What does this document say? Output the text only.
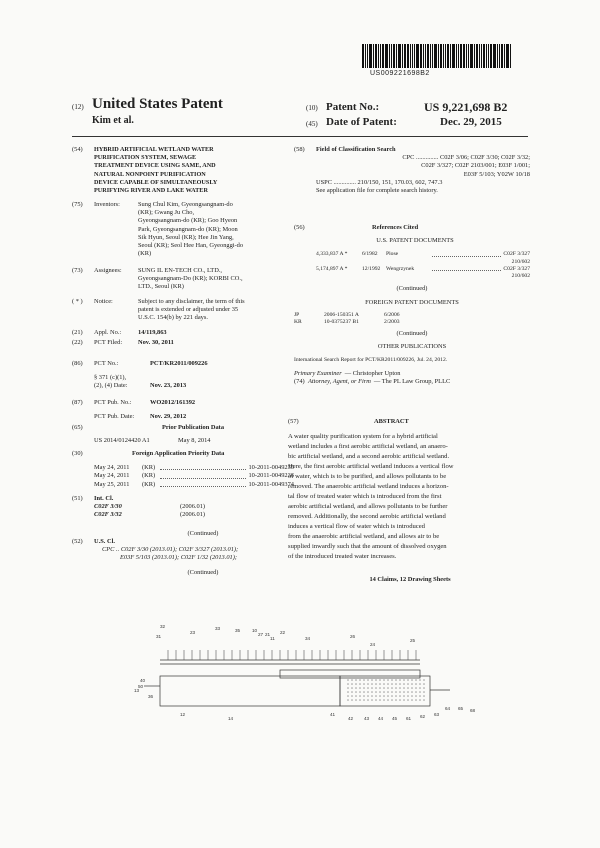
US009221698B2
(12) United States Patent
Kim et al.
(10) Patent No.:	US 9,221,698 B2
(45) Date of Patent:	Dec. 29, 2015
(54)	HYBRID ARTIFICIAL WETLAND WATER
PURIFICATION SYSTEM, SEWAGE
TREATMENT DEVICE USING SAME, AND
NATURAL NONPOINT PURIFICATION
DEVICE CAPABLE OF SIMULTANEOUSLY
PURIFYING RIVER AND LAKE WATER
(75)	Inventors:	Sung Chul Kim, Gyeongsangnam-do
(KR); Gwang Ju Cho,
Gyeongsangnam-do (KR); Goo Hyeon
Park, Gyeongsangnam-do (KR); Moon
Sik Hyun, Seoul (KR); Hee Jin Yang,
Seoul (KR); Seol Hee Han, Gyeonggi-do
(KR)
(73)	Assignees:	SUNG IL EN-TECH CO., LTD.,
Gyeongsangnam-Do (KR); KORBI CO.,
LTD., Seoul (KR)
( * )	Notice:	Subject to any disclaimer, the term of this
patent is extended or adjusted under 35
U.S.C. 154(b) by 221 days.
(21)	Appl. No.:	14/119,863
(22)	PCT Filed:	Nov. 30, 2011
(86)	PCT No.:	PCT/KR2011/009226
§ 371 (c)(1),
(2), (4) Date:	Nov. 23, 2013
(87)	PCT Pub. No.:	WO2012/161392
PCT Pub. Date:	Nov. 29, 2012
(65)	Prior Publication Data
US 2014/0124420 A1	May 8, 2014
(30)	Foreign Application Priority Data
May 24, 2011	(KR)	10-2011-0049235
May 24, 2011	(KR)	10-2011-0049236
May 25, 2011	(KR)	10-2011-0049374
(51)	Int. Cl.
C02F 3/30	(2006.01)
C02F 3/32	(2006.01)
(Continued)
(52)	U.S. Cl.
CPC .. C02F 3/30 (2013.01); C02F 3/327 (2013.01);
E03F 5/103 (2013.01); C02F 1/32 (2013.01);
(Continued)
(58)	Field of Classification Search
CPC .............. C02F 3/06; C02F 3/30; C02F 3/32;
C02F 3/327; C02F 2103/001; E03F 1/001;
E03F 5/103; Y02W 10/18
USPC .............. 210/150, 151, 170.03, 602, 747.3
See application file for complete search history.
(56)	References Cited
U.S. PATENT DOCUMENTS
4,333,837 A *	6/1982	Plose	C02F 3/327
210/602
5,174,897 A *	12/1992	Wengrzynek	C02F 3/327
210/602
(Continued)
FOREIGN PATENT DOCUMENTS
JP	2006-150351 A	6/2006
KR	10-0375237 B1	2/2003
(Continued)
OTHER PUBLICATIONS
International Search Report for PCT/KR2011/009226, Jul. 24, 2012.
Primary Examiner — Christopher Upton
(74) Attorney, Agent, or Firm — The PL Law Group, PLLC
(57)	ABSTRACT
A water quality purification system for a hybrid artificial
wetland includes a first aerobic artificial wetland, an anaero-
bic artificial wetland, and a second aerobic artificial wetland.
Here, the first aerobic artificial wetland induces a vertical flow
of water, which is to be purified, and allows pollutants to be
removed. The anaerobic artificial wetland induces a horizon-
tal flow of treated water which is introduced from the first
aerobic artificial wetland, and allows pollutants to be further
removed. Additionally, the second aerobic artificial wetland
induces a vertical flow of water which is introduced
from the anaerobic artificial wetland, and allows air to be
supplied inwardly such that the amount of dissolved oxygen
of the introduced treated water increases.
14 Claims, 12 Drawing Sheets
32
31
23
33	35	10
21 22
34
40
50
36
13
12
14
27
11	26
24
25
41
42 43 44 45 61 62 63
64 65 68
